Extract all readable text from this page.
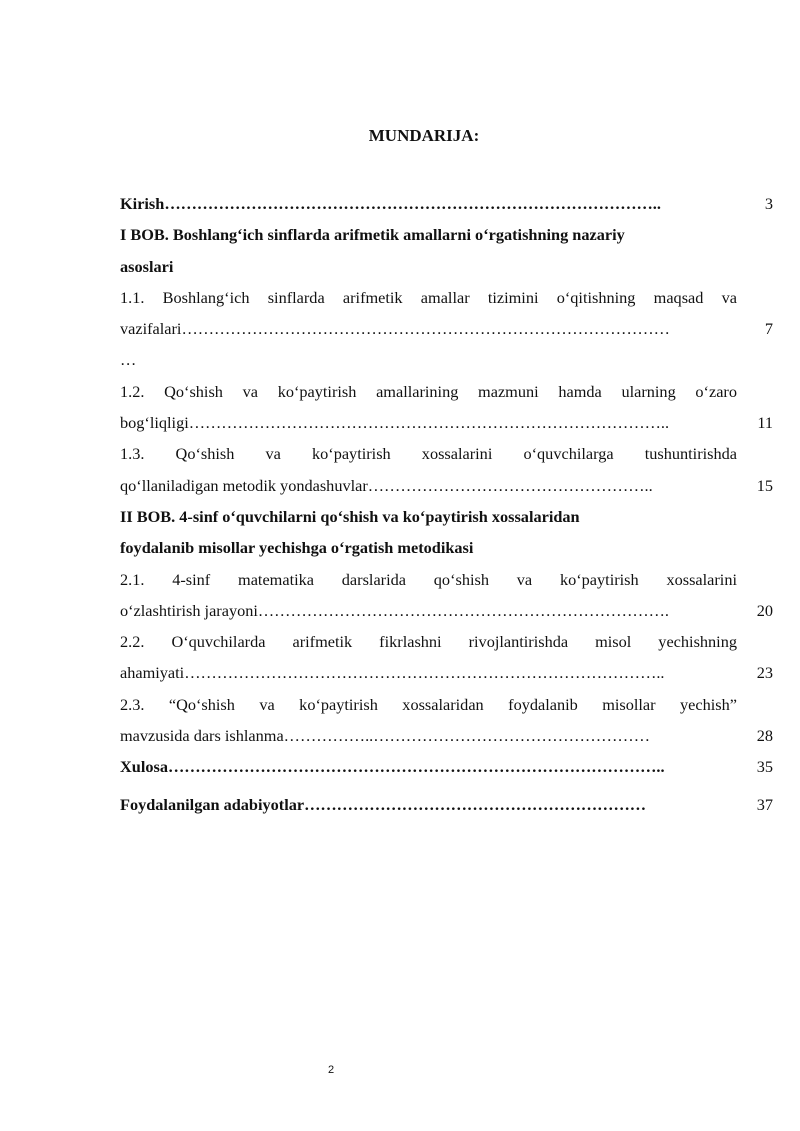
MUNDARIJA:
Kirish………………………………………………………………………………..	3
I BOB. Boshlang‘ich sinflarda arifmetik amallarni o‘rgatishning nazariy
asoslari
1.1. Boshlang‘ich sinflarda arifmetik amallar tizimini o‘qitishning maqsad va
vazifalari………………………………………………………………………………	7
…
1.2. Qo‘shish va ko‘paytirish amallarining mazmuni hamda ularning o‘zaro
bog‘liqligi……………………………………………………………………………..	11
1.3. Qo‘shish va ko‘paytirish xossalarini o‘quvchilarga tushuntirishda
qo‘llaniladigan metodik yondashuvlar……………………………………………..	15
II BOB. 4-sinf o‘quvchilarni qo‘shish va ko‘paytirish xossalaridan
foydalanib misollar yechishga o‘rgatish metodikasi
2.1. 4-sinf matematika darslarida qo‘shish va ko‘paytirish xossalarini
o‘zlashtirish jarayoni………………………………………………………………….	20
2.2. O‘quvchilarda arifmetik fikrlashni rivojlantirishda misol yechishning
ahamiyati……………………………………………………………………………..	23
2.3. “Qo‘shish va ko‘paytirish xossalaridan foydalanib misollar yechish”
mavzusida dars ishlanma……………..……………………………………………	28
Xulosa………………………………………………………………………………..	35
Foydalanilgan adabiyotlar………………………………………………………	37
2
